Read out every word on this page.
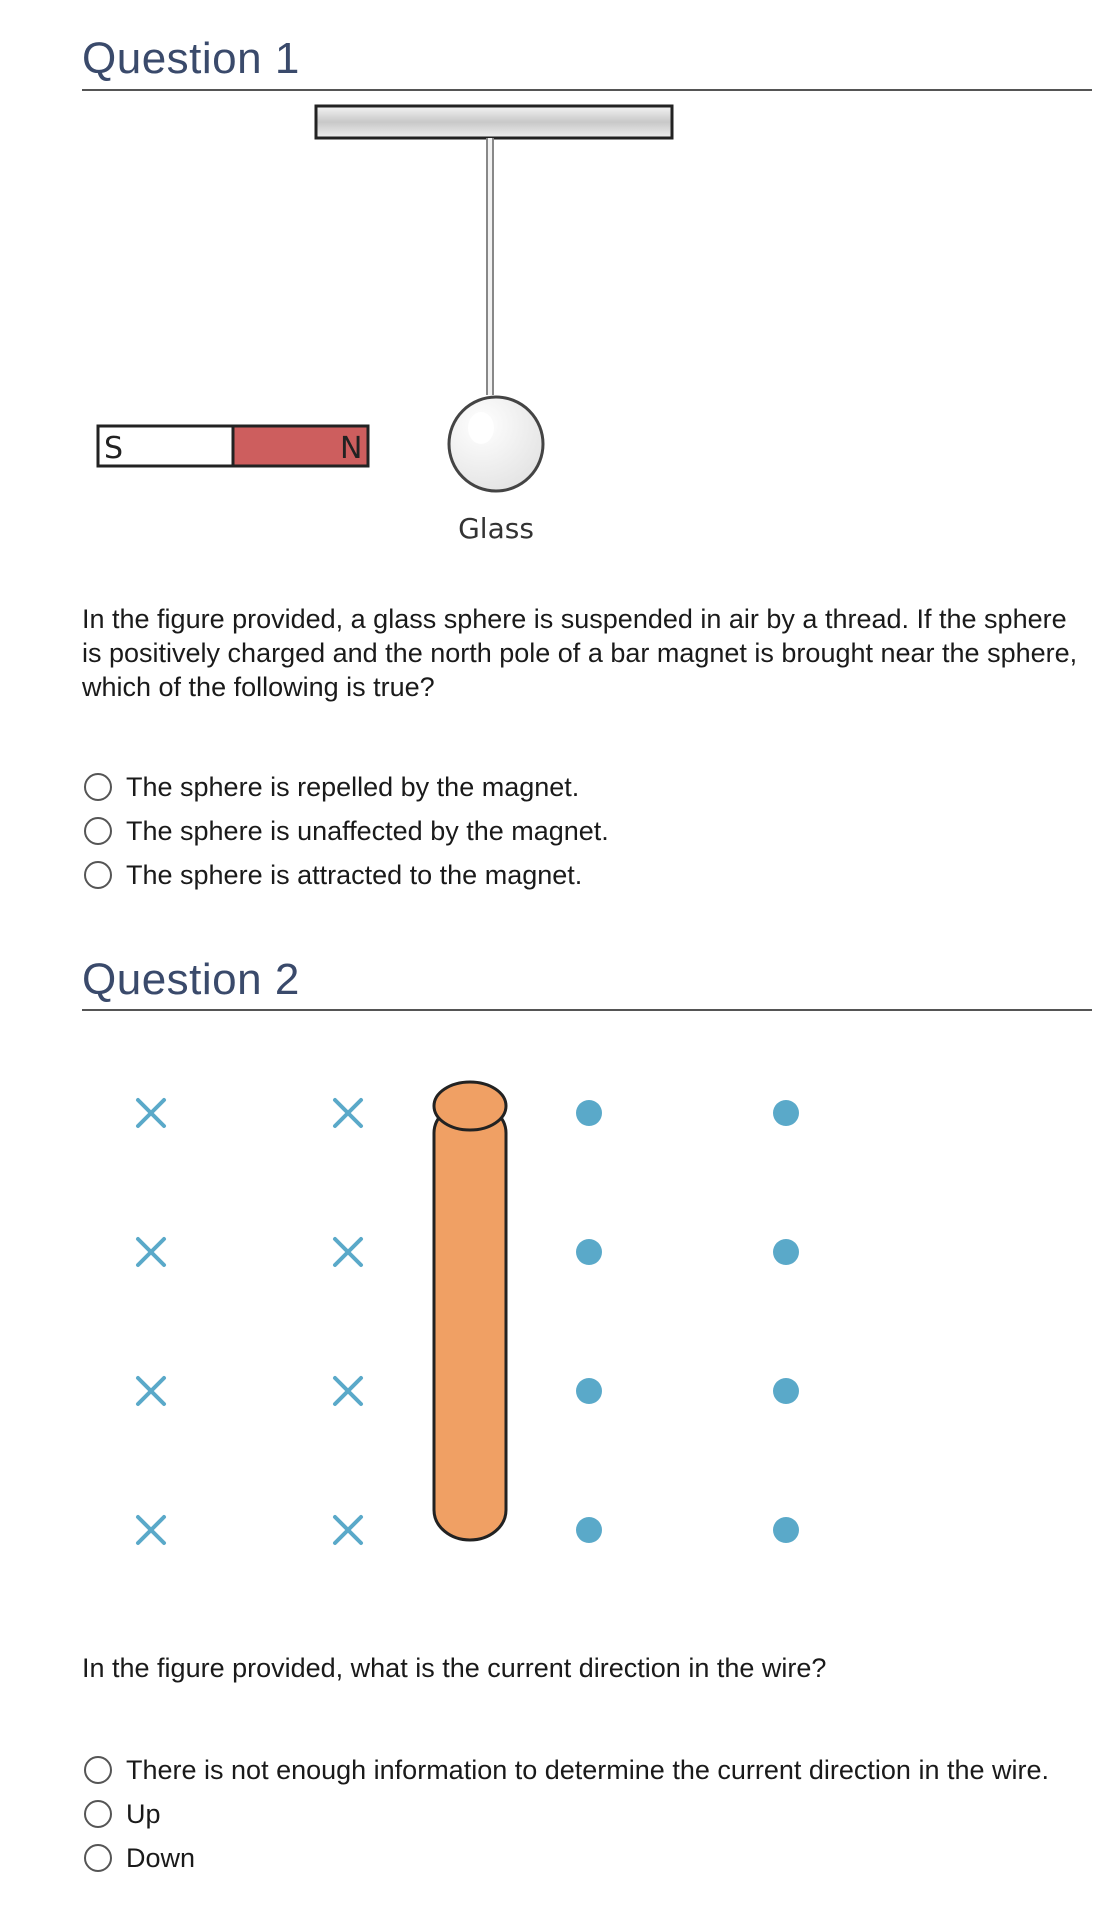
Question 1
Glass
S	N
In the figure provided, a glass sphere is suspended in air by a thread. If the sphere is positively charged and the north pole of a bar magnet is brought near the sphere, which of the following is true?
The sphere is repelled by the magnet.
The sphere is unaffected by the magnet.
The sphere is attracted to the magnet.
Question 2
In the figure provided, what is the current direction in the wire?
There is not enough information to determine the current direction in the wire.
Up
Down
